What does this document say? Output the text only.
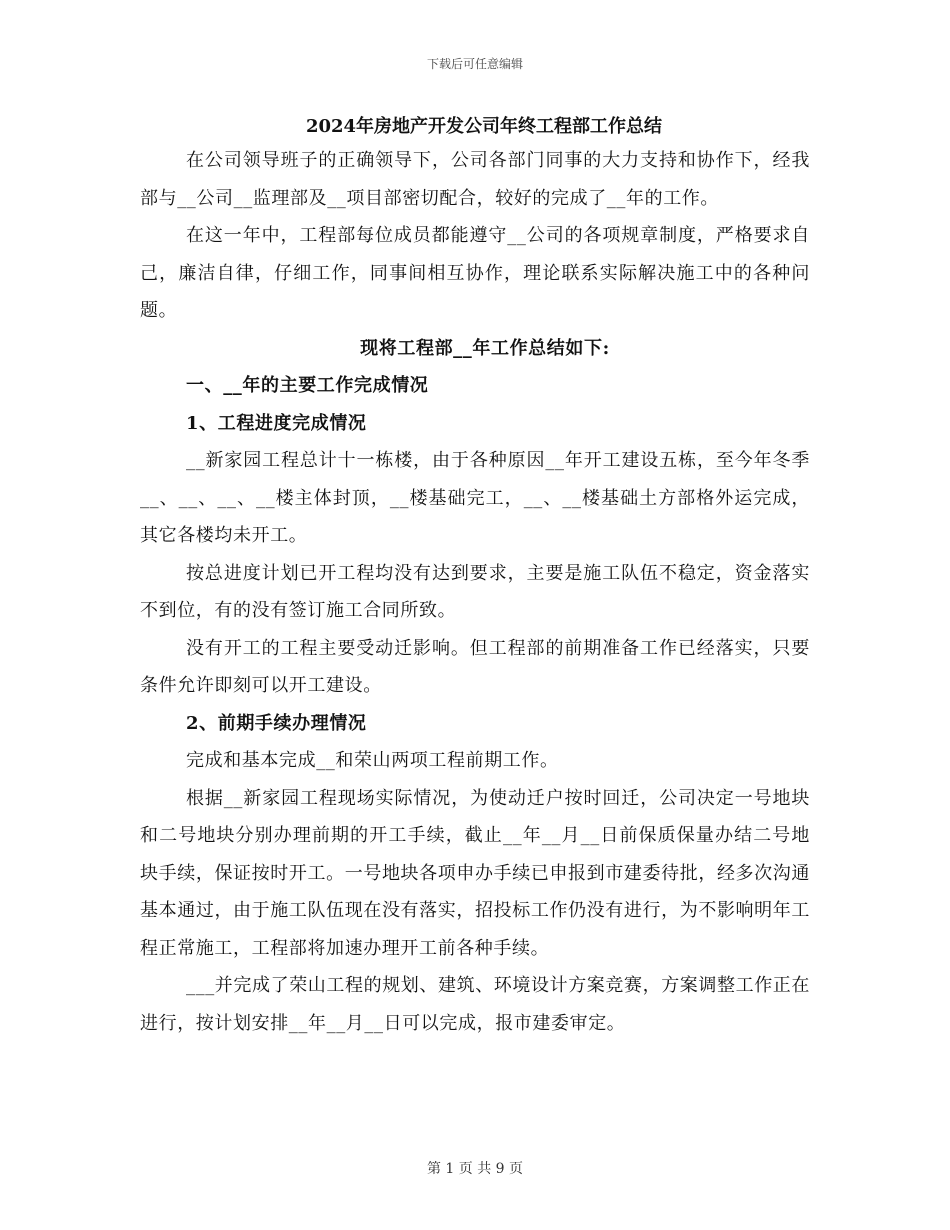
下载后可任意编辑
2024年房地产开发公司年终工程部工作总结

在公司领导班子的正确领导下，公司各部门同事的大力支持和协作下，经我部与__公司__监理部及__项目部密切配合，较好的完成了__年的工作。

在这一年中，工程部每位成员都能遵守__公司的各项规章制度，严格要求自己，廉洁自律，仔细工作，同事间相互协作，理论联系实际解决施工中的各种问题。

现将工程部__年工作总结如下:

一、__年的主要工作完成情况

1、工程进度完成情况

__新家园工程总计十一栋楼，由于各种原因__年开工建设五栋，至今年冬季__、__、__、__楼主体封顶，__楼基础完工，__、__楼基础土方部格外运完成，其它各楼均未开工。

按总进度计划已开工程均没有达到要求，主要是施工队伍不稳定，资金落实不到位，有的没有签订施工合同所致。

没有开工的工程主要受动迁影响。但工程部的前期准备工作已经落实，只要条件允许即刻可以开工建设。

2、前期手续办理情况

完成和基本完成__和荣山两项工程前期工作。

根据__新家园工程现场实际情况，为使动迁户按时回迁，公司决定一号地块和二号地块分别办理前期的开工手续，截止__年__月__日前保质保量办结二号地块手续，保证按时开工。一号地块各项申办手续已申报到市建委待批，经多次沟通基本通过，由于施工队伍现在没有落实，招投标工作仍没有进行，为不影响明年工程正常施工，工程部将加速办理开工前各种手续。

___并完成了荣山工程的规划、建筑、环境设计方案竞赛，方案调整工作正在进行，按计划安排__年__月__日可以完成，报市建委审定。

第 1 页 共 9 页
